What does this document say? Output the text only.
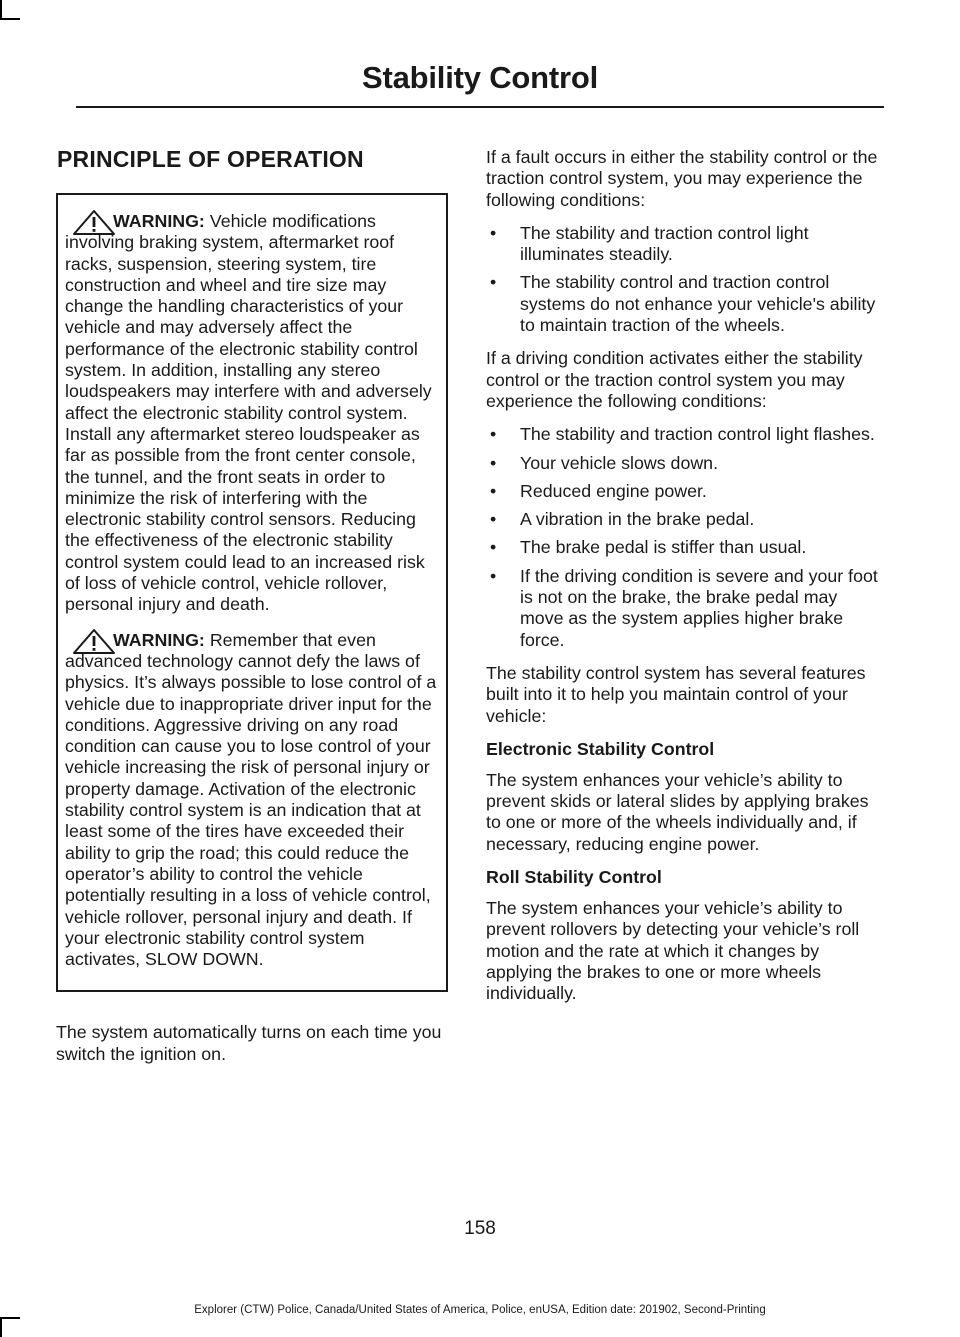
Stability Control
PRINCIPLE OF OPERATION
WARNING: Vehicle modifications involving braking system, aftermarket roof racks, suspension, steering system, tire construction and wheel and tire size may change the handling characteristics of your vehicle and may adversely affect the performance of the electronic stability control system. In addition, installing any stereo loudspeakers may interfere with and adversely affect the electronic stability control system. Install any aftermarket stereo loudspeaker as far as possible from the front center console, the tunnel, and the front seats in order to minimize the risk of interfering with the electronic stability control sensors. Reducing the effectiveness of the electronic stability control system could lead to an increased risk of loss of vehicle control, vehicle rollover, personal injury and death.
WARNING: Remember that even advanced technology cannot defy the laws of physics. It’s always possible to lose control of a vehicle due to inappropriate driver input for the conditions. Aggressive driving on any road condition can cause you to lose control of your vehicle increasing the risk of personal injury or property damage. Activation of the electronic stability control system is an indication that at least some of the tires have exceeded their ability to grip the road; this could reduce the operator’s ability to control the vehicle potentially resulting in a loss of vehicle control, vehicle rollover, personal injury and death. If your electronic stability control system activates, SLOW DOWN.

The system automatically turns on each time you switch the ignition on.

If a fault occurs in either the stability control or the traction control system, you may experience the following conditions:

• The stability and traction control light illuminates steadily.
• The stability control and traction control systems do not enhance your vehicle's ability to maintain traction of the wheels.

If a driving condition activates either the stability control or the traction control system you may experience the following conditions:

• The stability and traction control light flashes.
• Your vehicle slows down.
• Reduced engine power.
• A vibration in the brake pedal.
• The brake pedal is stiffer than usual.
• If the driving condition is severe and your foot is not on the brake, the brake pedal may move as the system applies higher brake force.

The stability control system has several features built into it to help you maintain control of your vehicle:

Electronic Stability Control

The system enhances your vehicle’s ability to prevent skids or lateral slides by applying brakes to one or more of the wheels individually and, if necessary, reducing engine power.

Roll Stability Control

The system enhances your vehicle’s ability to prevent rollovers by detecting your vehicle’s roll motion and the rate at which it changes by applying the brakes to one or more wheels individually.

158
Explorer (CTW) Police, Canada/United States of America, Police, enUSA, Edition date: 201902, Second-Printing
